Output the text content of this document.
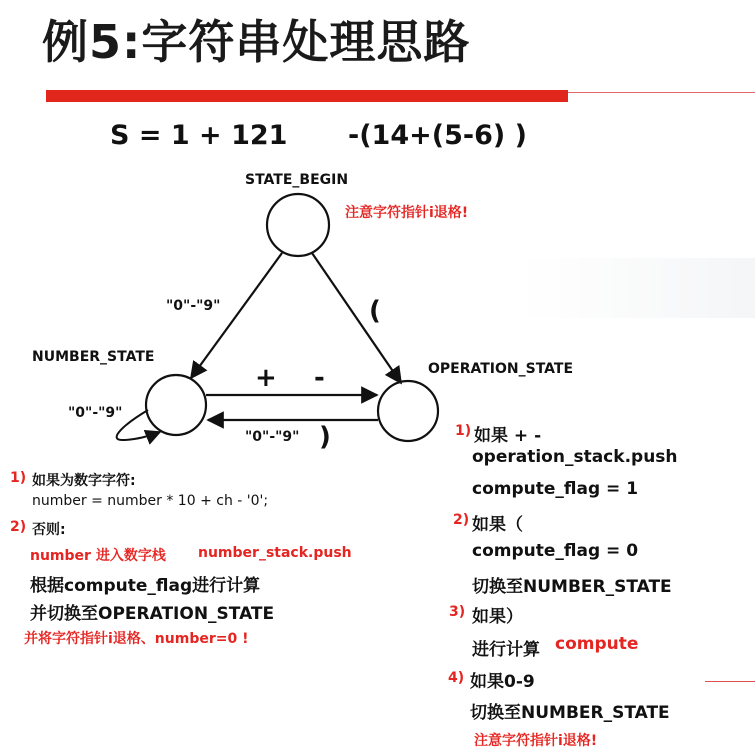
例5:字符串处理思路
S = 1 + 121 -(14+(5-6) )
STATE_BEGIN
注意字符指针i退格!
NUMBER_STATE
OPERATION_STATE
"0"-"9"	(
"0"-"9"
+ -
"0"-"9" )
1) 如果为数字字符:
number = number * 10 + ch - '0';
2) 否则:
number 进入数字栈 number_stack.push
根据compute_flag进行计算
并切换至OPERATION_STATE
并将字符指针i退格、number=0 !
1) 如果 + -
operation_stack.push
compute_flag = 1
2) 如果（
compute_flag = 0
切换至NUMBER_STATE
3) 如果）
进行计算 compute
4) 如果0-9
切换至NUMBER_STATE
注意字符指针i退格!
